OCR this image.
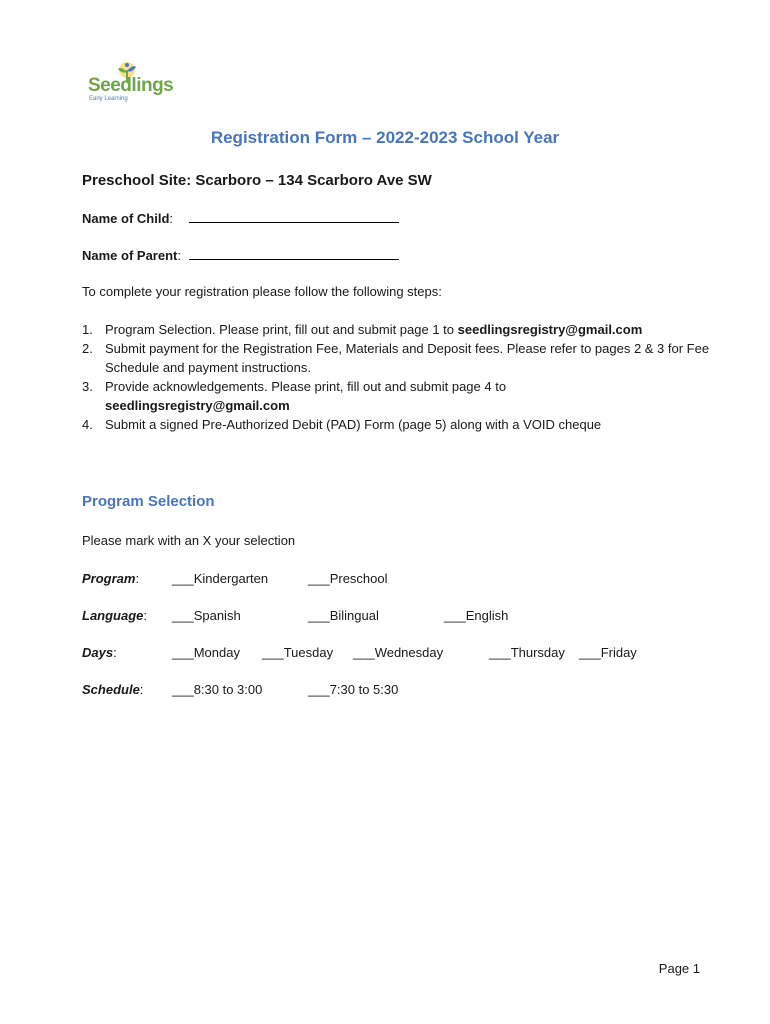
Seedlings
Early Learning
Registration Form – 2022-2023 School Year
Preschool Site: Scarboro – 134 Scarboro Ave SW
Name of Child:
Name of Parent:
To complete your registration please follow the following steps:
1. Program Selection. Please print, fill out and submit page 1 to seedlingsregistry@gmail.com
2. Submit payment for the Registration Fee, Materials and Deposit fees. Please refer to pages 2 & 3 for Fee Schedule and payment instructions.
3. Provide acknowledgements. Please print, fill out and submit page 4 to
seedlingsregistry@gmail.com
4. Submit a signed Pre-Authorized Debit (PAD) Form (page 5) along with a VOID cheque
Program Selection
Please mark with an X your selection
Program:	___Kindergarten	___Preschool
Language: ___Spanish	___Bilingual	___English
Days:	___Monday ___Tuesday ___Wednesday	___Thursday ___Friday
Schedule: ___8:30 to 3:00	___7:30 to 5:30
Page 1
